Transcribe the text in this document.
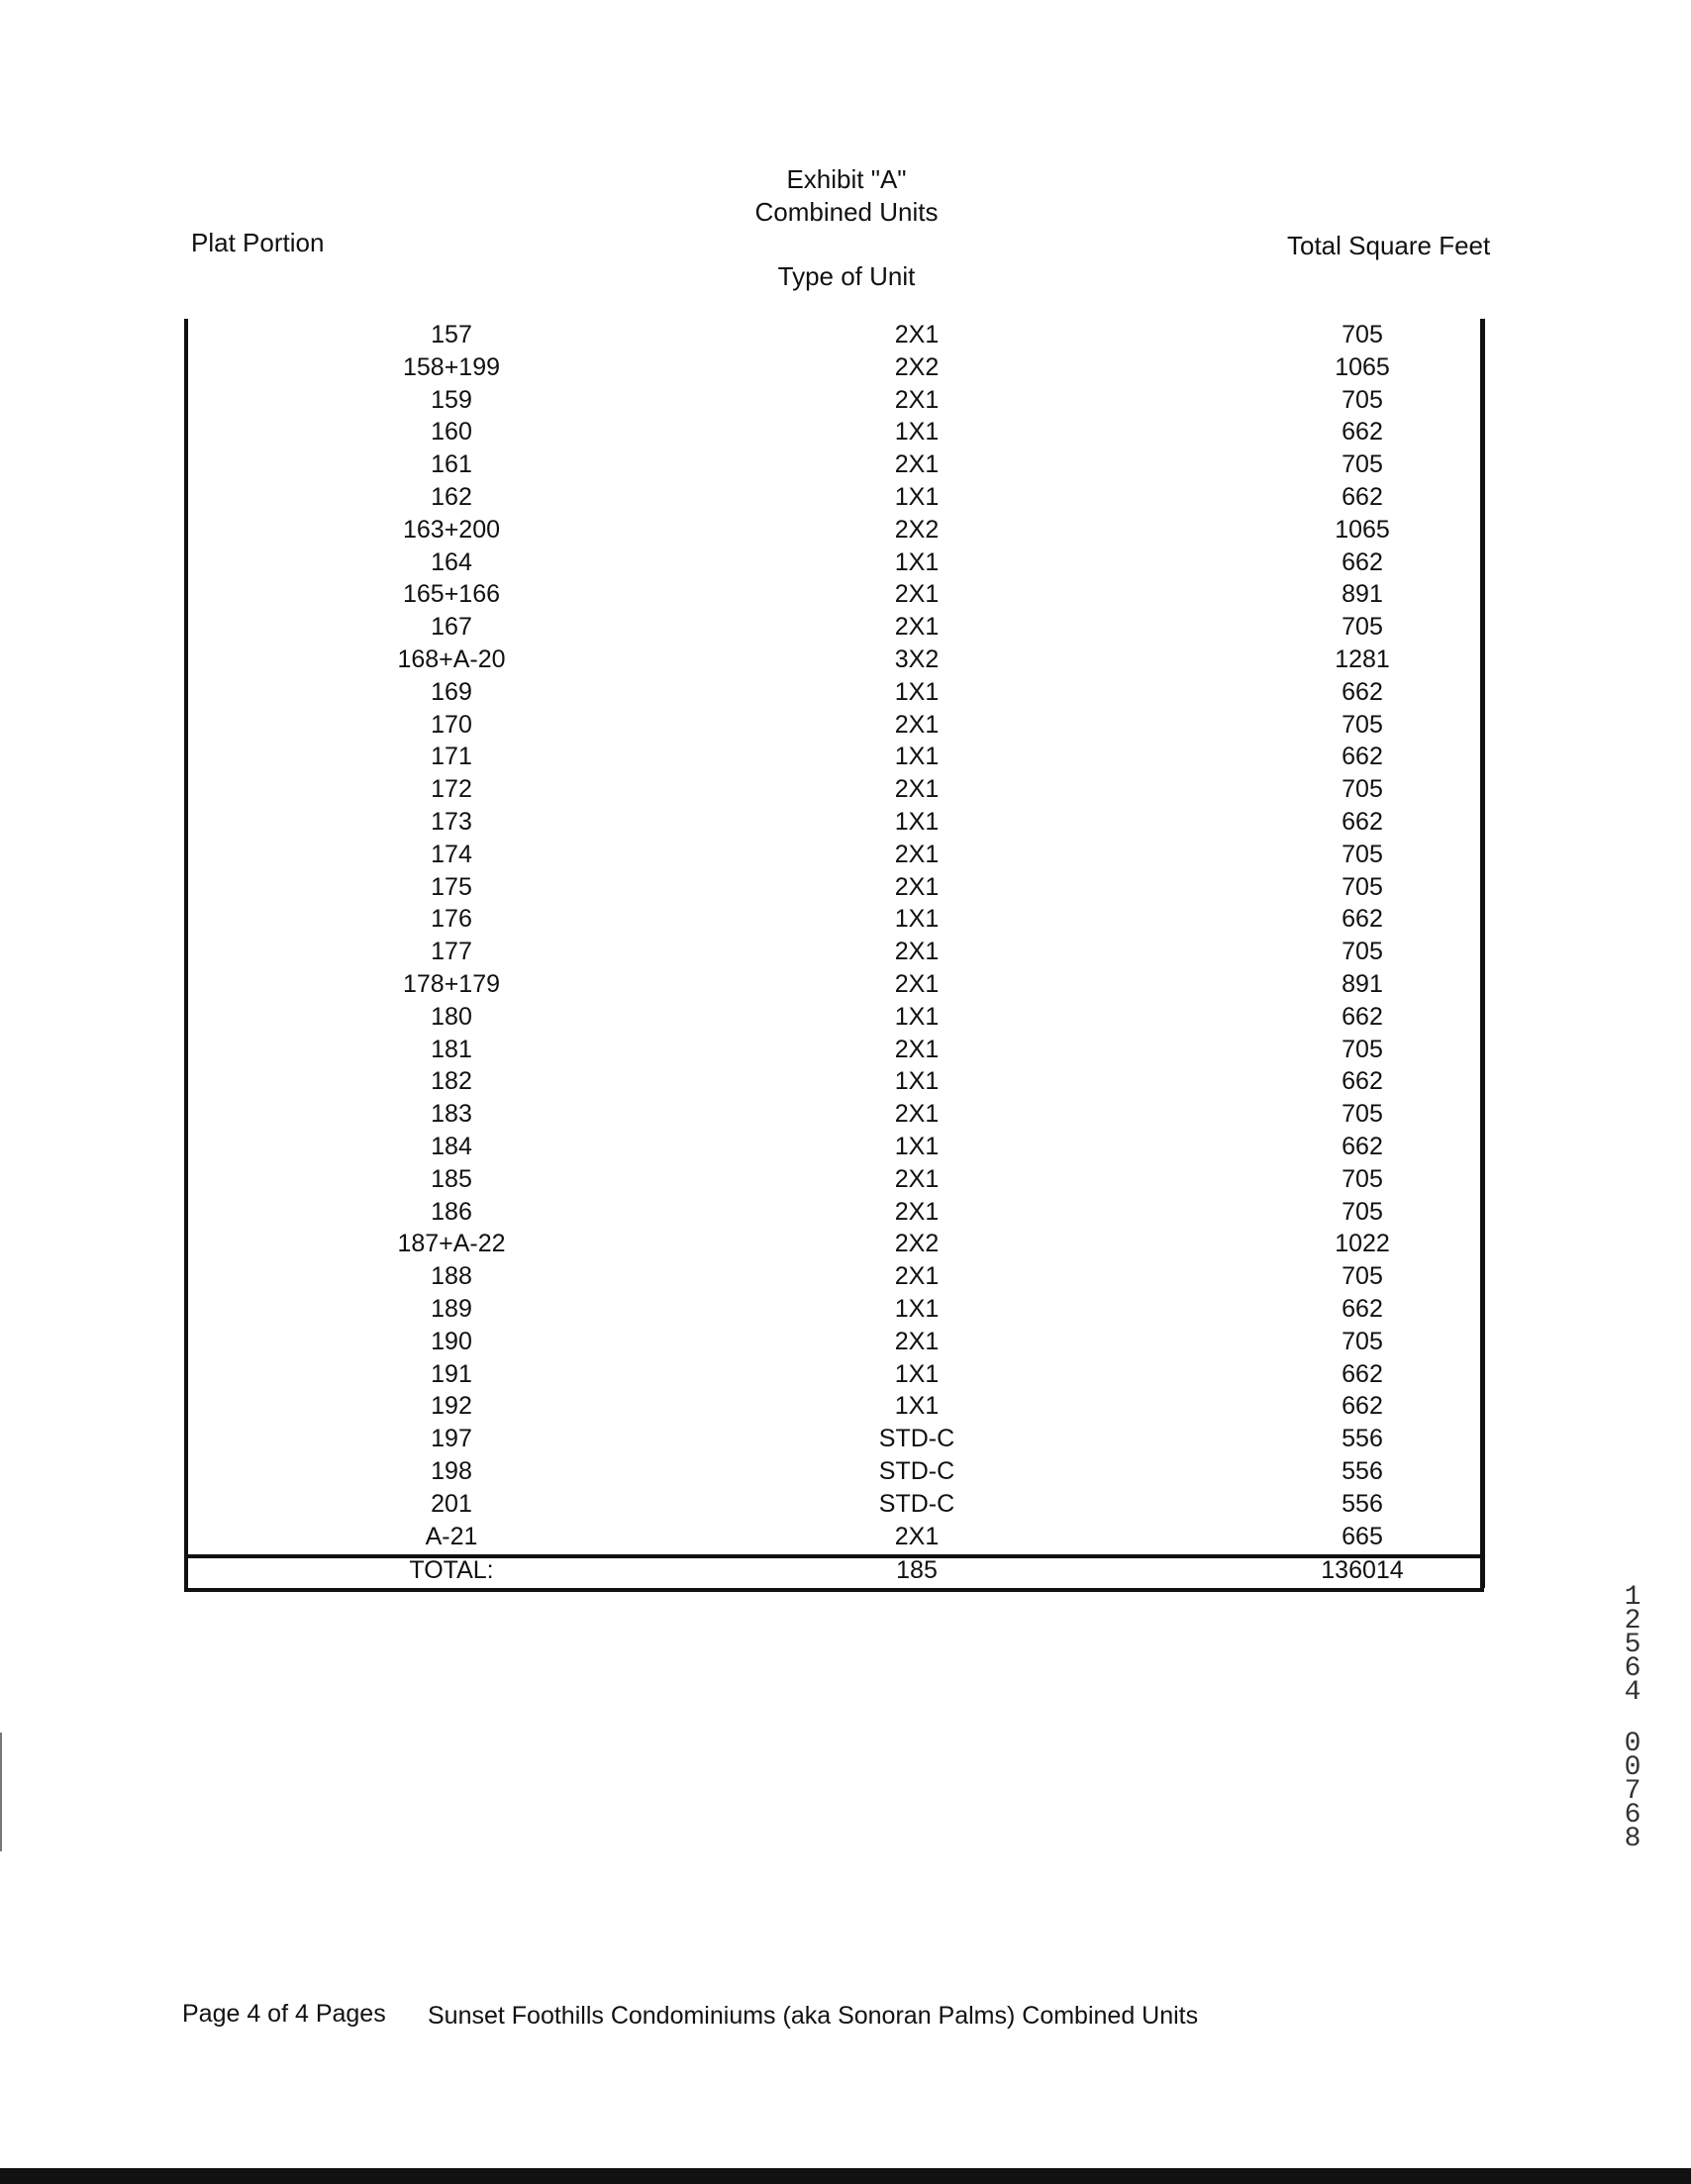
Exhibit "A"
Combined Units
Plat Portion
Type of Unit
Total Square Feet
157	2X1	705
158+199	2X2	1065
159	2X1	705
160	1X1	662
161	2X1	705
162	1X1	662
163+200	2X2	1065
164	1X1	662
165+166	2X1	891
167	2X1	705
168+A-20	3X2	1281
169	1X1	662
170	2X1	705
171	1X1	662
172	2X1	705
173	1X1	662
174	2X1	705
175	2X1	705
176	1X1	662
177	2X1	705
178+179	2X1	891
180	1X1	662
181	2X1	705
182	1X1	662
183	2X1	705
184	1X1	662
185	2X1	705
186	2X1	705
187+A-22	2X2	1022
188	2X1	705
189	1X1	662
190	2X1	705
191	1X1	662
192	1X1	662
197	STD-C	556
198	STD-C	556
201	STD-C	556
A-21	2X1	665
TOTAL:	185	136014
1
2
5
6
4
0
0
7
6
8
Page 4 of 4 Pages Sunset Foothills Condominiums (aka Sonoran Palms) Combined Units
